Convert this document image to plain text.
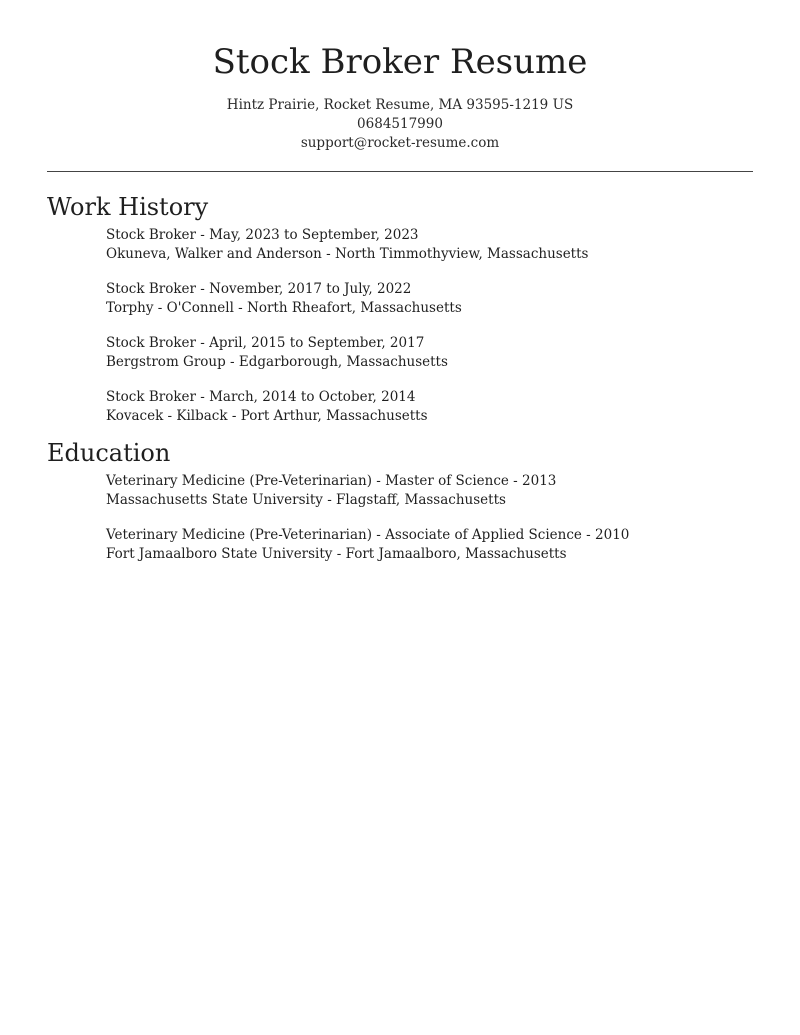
Stock Broker Resume

Hintz Prairie, Rocket Resume, MA 93595-1219 US

0684517990

support@rocket-resume.com

Work History
Stock Broker - May, 2023 to September, 2023
Okuneva, Walker and Anderson - North Timmothyview, Massachusetts
Stock Broker - November, 2017 to July, 2022
Torphy - O'Connell - North Rheafort, Massachusetts
Stock Broker - April, 2015 to September, 2017
Bergstrom Group - Edgarborough, Massachusetts
Stock Broker - March, 2014 to October, 2014
Kovacek - Kilback - Port Arthur, Massachusetts
Education
Veterinary Medicine (Pre-Veterinarian) - Master of Science - 2013
Massachusetts State University - Flagstaff, Massachusetts
Veterinary Medicine (Pre-Veterinarian) - Associate of Applied Science - 2010
Fort Jamaalboro State University - Fort Jamaalboro, Massachusetts
